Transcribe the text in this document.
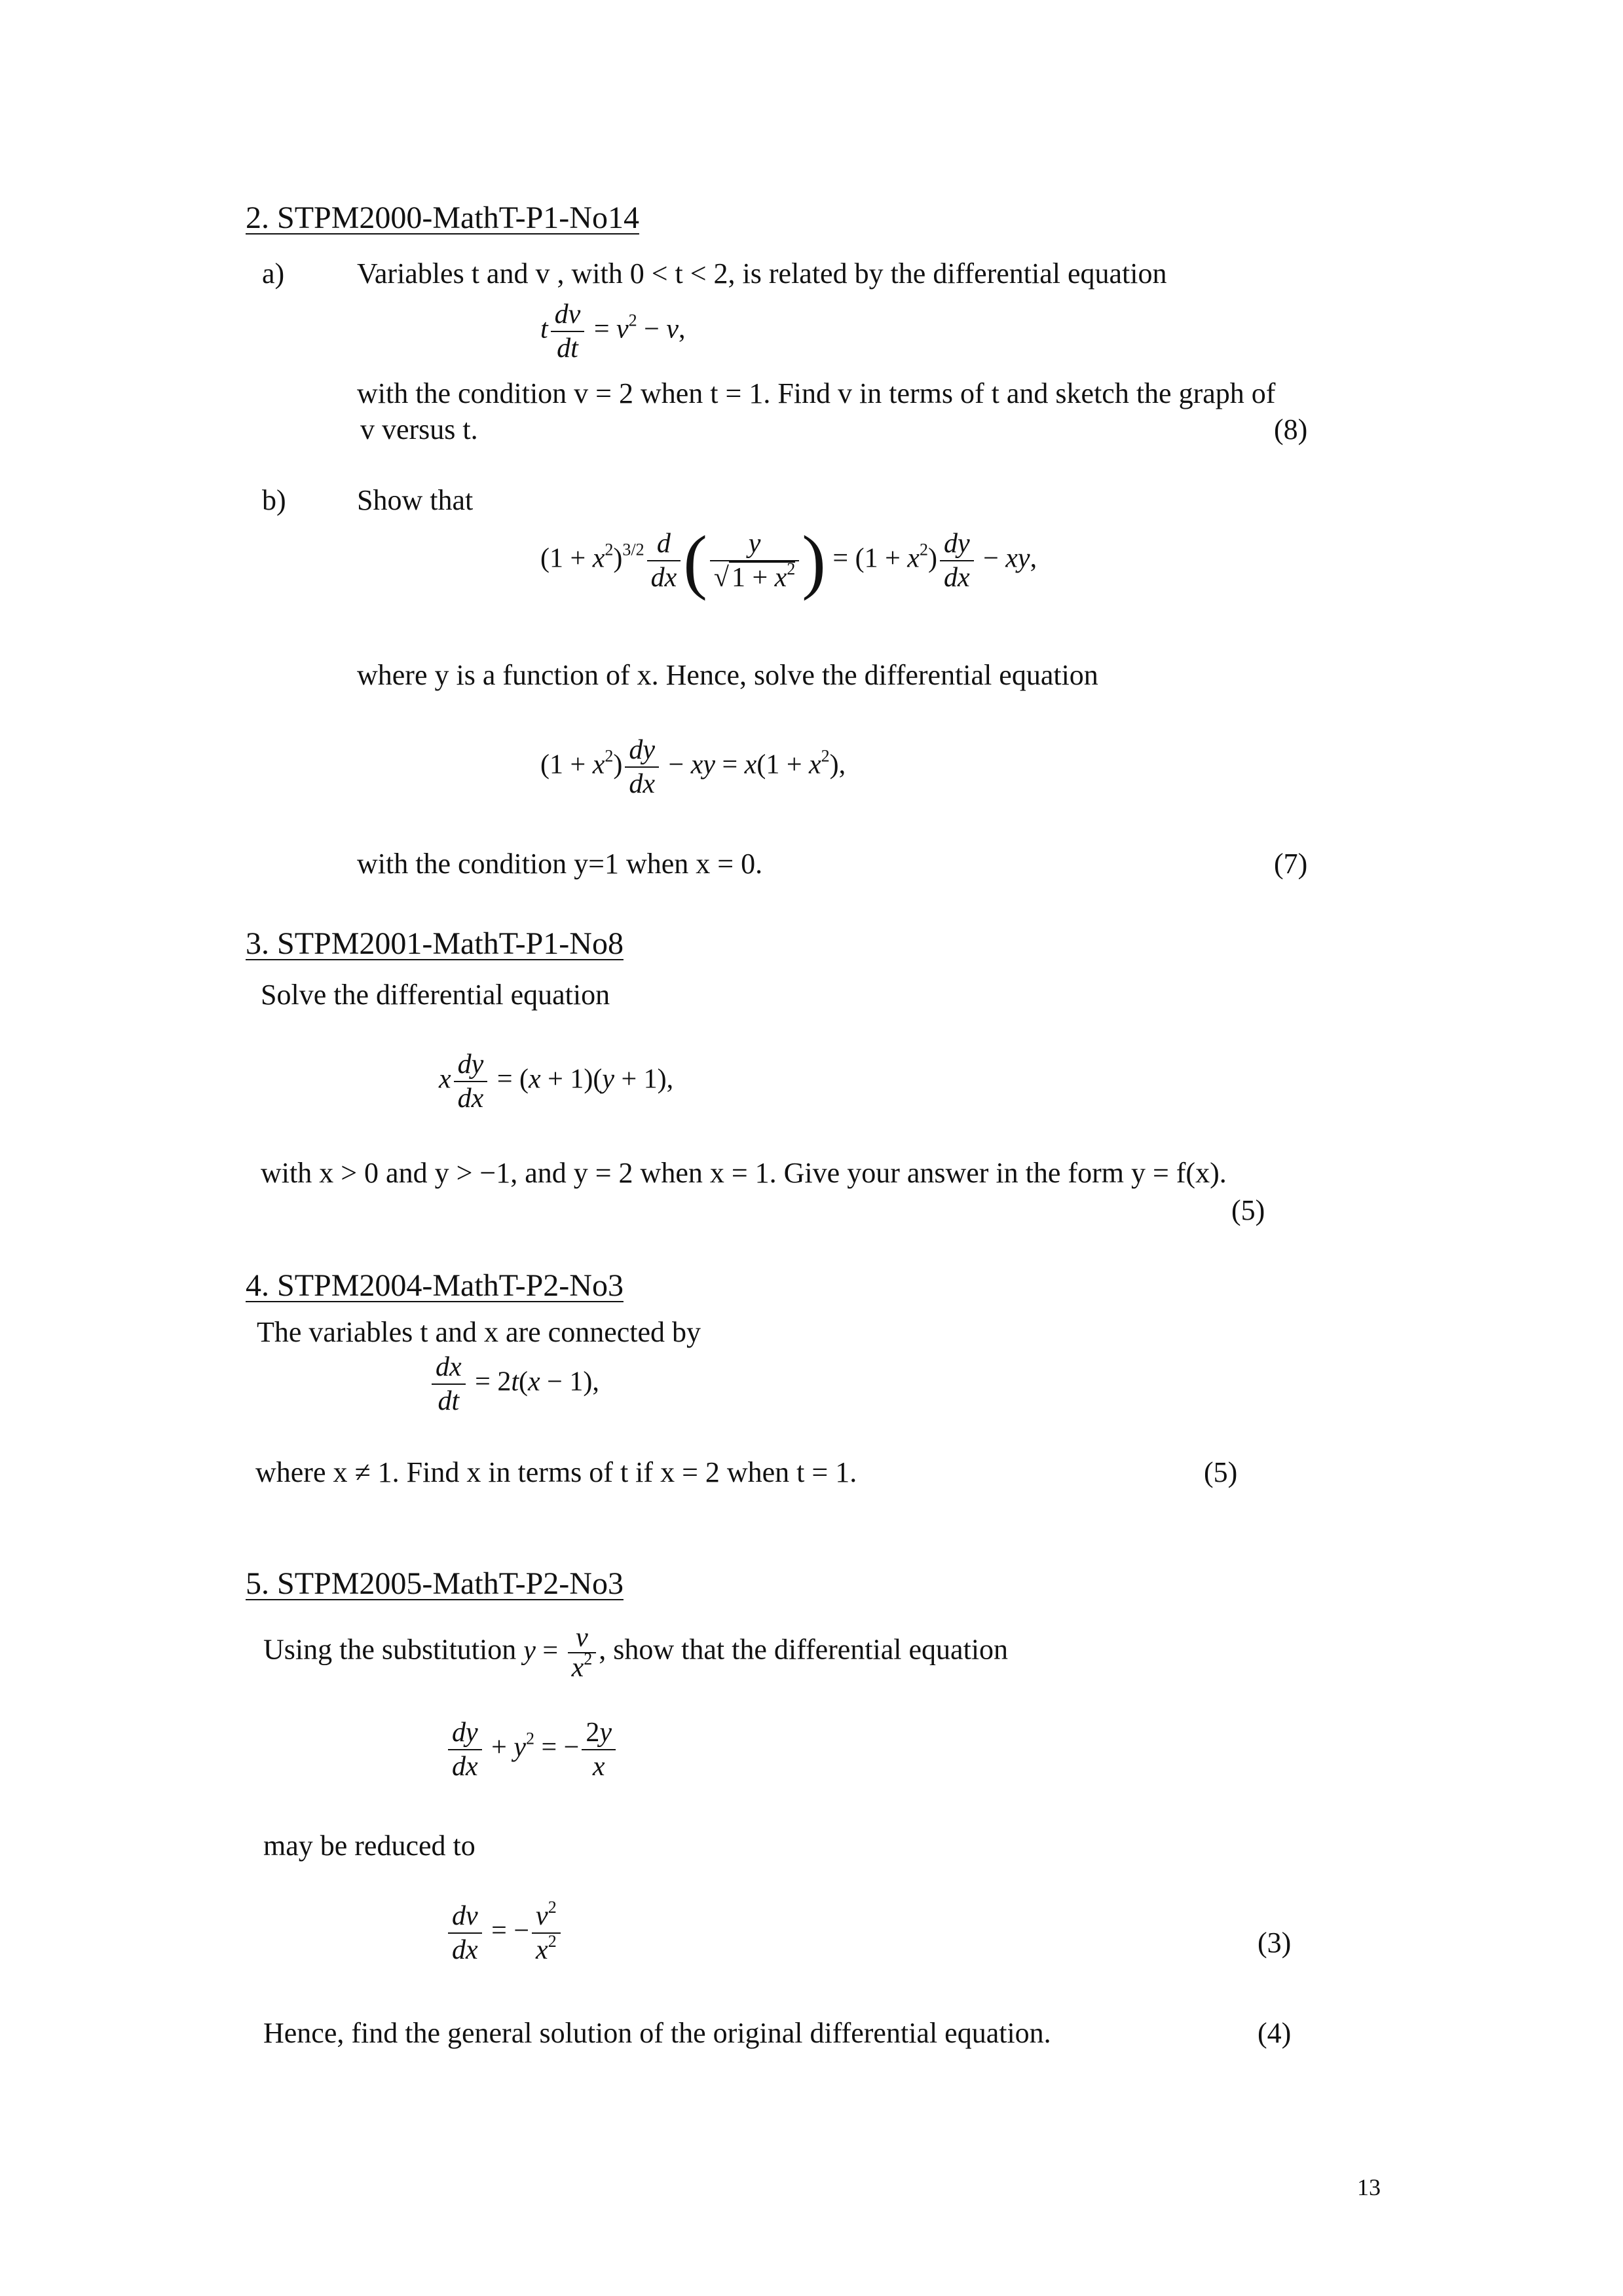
2. STPM2000-MathT-P1-No14
a)	Variables t and v , with 0 < t < 2, is related by the differential equation
t $\frac{dv}{dt} = v^2 - v$,
with the condition v = 2 when t = 1. Find v in terms of t and sketch the graph of
v versus t.	(8)
b) Show that
$(1 + x^2)^{3/2} \frac{d}{dx}$ ( $\frac{y}{√1 + x^2}$ ) = $(1 + x^2) \frac{dy}{dx}$ − xy,
where y is a function of x. Hence, solve the differential equation
$(1 + x^2) \frac{dy}{dx}$ − xy = $x(1 + x^2)$,
with the condition y=1 when x = 0.	(7)
3. STPM2001-MathT-P1-No8
Solve the differential equation
x $\frac{dy}{dx} = (x + 1)(y + 1)$,
with x > 0 and y > −1, and y = 2 when x = 1. Give your answer in the form y = f(x).
(5)
4. STPM2004-MathT-P2-No3
The variables t and x are connected by
$\frac{dx}{dt} = 2t(x - 1)$,
where x ≠ 1. Find x in terms of t if x = 2 when t = 1.	(5)
5. STPM2005-MathT-P2-No3
Using the substitution $y = \frac{v}{x^2}$ , show that the differential equation
$\frac{dy}{dx} + y^2$ = − $\frac{2y}{x}$
may be reduced to
$\frac{dv}{dx}$ = − $\frac{v^2}{x^2}$	(3)
Hence, find the general solution of the original differential equation.	(4)
13
